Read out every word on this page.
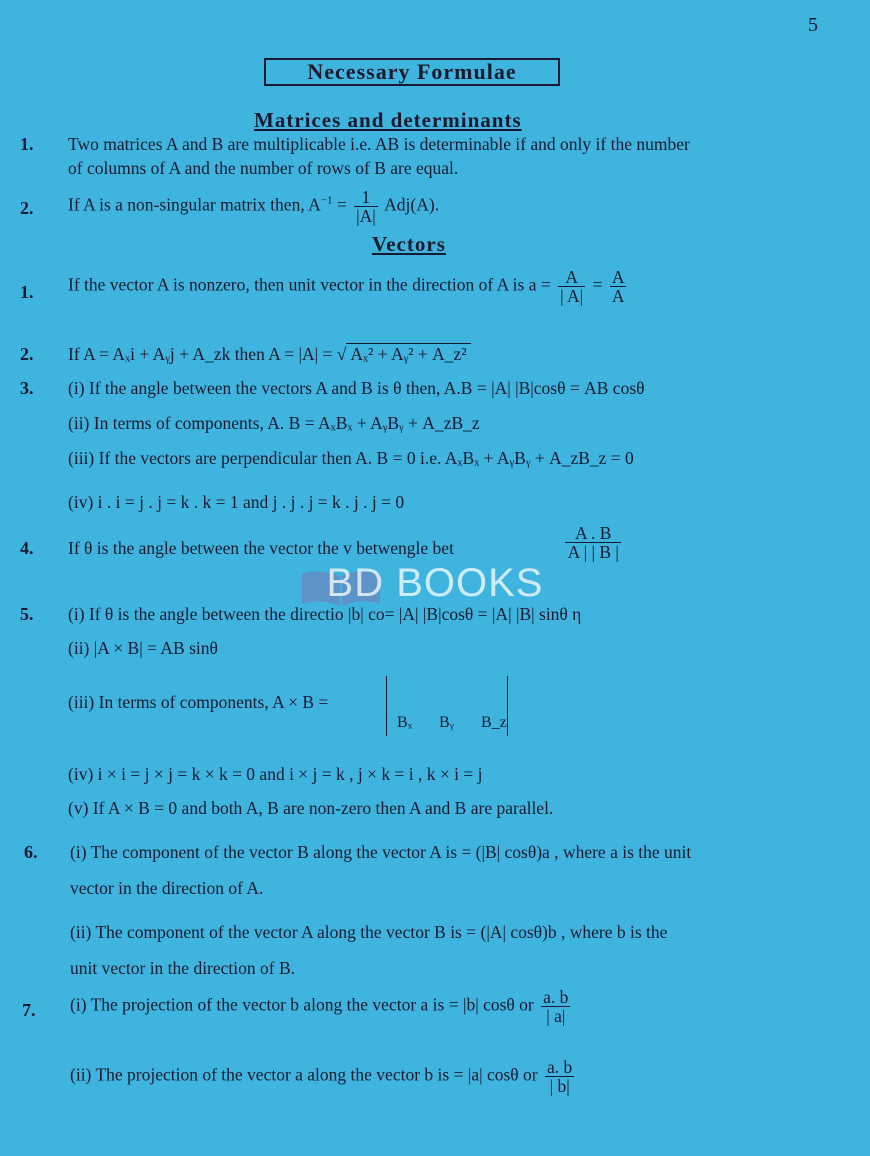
5
Necessary Formulae
Matrices and determinants
1. Two matrices A and B are multiplicable i.e. AB is determinable if and only if the number
of columns of A and the number of rows of B are equal.
2. If A is a non-singular matrix then, $A^{-1} = \frac{1}{|A|} Adj(A)$.
Vectors
1. If the vector A is nonzero, then unit vector in the direction of A is $a = \frac{A}{| A|} = \frac{A}{A}$
2. If A = Aₓi + Aᵧj + A_zk then A = |A| = √ Aₓ² + Aᵧ² + A_z²
3. (i) If the angle between the vectors A and B is θ then, A.B = |A| |B|cosθ = AB cosθ
(ii) In terms of components, A. B = AₓBₓ + AᵧBᵧ + A_zB_z
(iii) If the vectors are perpendicular then A. B = 0 i.e. AₓBₓ + AᵧBᵧ + A_zB_z = 0
(iv) i . i = j . j = k . k = 1 and j . j . j = k . j . j = 0
4. If θ is the angle between the vector the v betwengle bet	$\frac{A . B}{A | | B |}$
BD BOOKS
5. (i) If θ is the angle between the directio |b| co= |A| |B|cosθ = |A| |B| sinθ η
(ii) |A × B| = AB sinθ
(iii) In terms of components, A × B =
Bₓ Bᵧ B_z
(iv) i × i = j × j = k × k = 0 and i × j = k , j × k = i , k × i = j
(v) If A × B = 0 and both A, B are non-zero then A and B are parallel.
6. (i) The component of the vector B along the vector A is = (|B| cosθ)a , where a is the unit
vector in the direction of A.
(ii) The component of the vector A along the vector B is = (|A| cosθ)b , where b is the
unit vector in the direction of B.
7. (i) The projection of the vector b along the vector a is = |b| cosθ or $\frac{a. b}{| a|}$
(ii) The projection of the vector a along the vector b is = |a| cosθ or $\frac{a. b}{| b|}$
